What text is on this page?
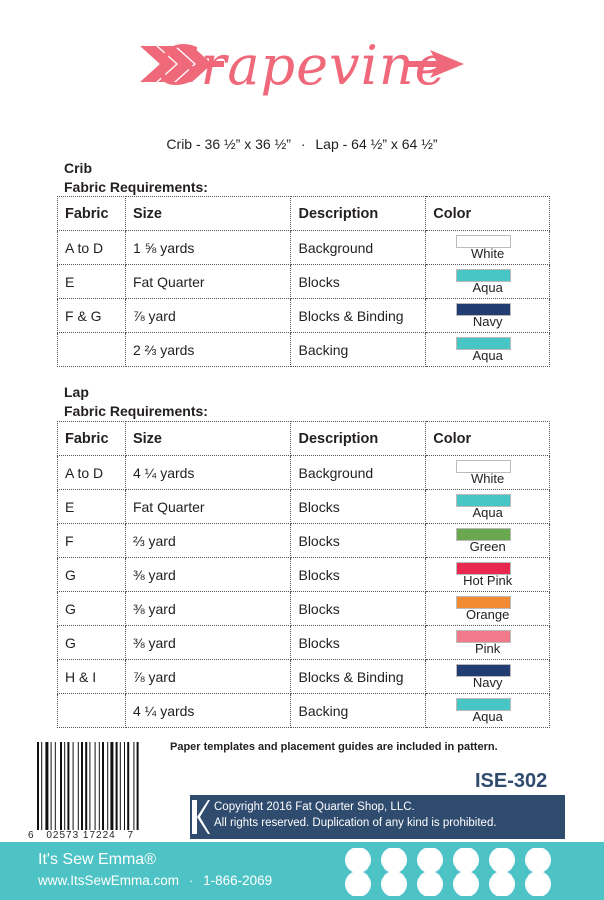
Grapevine
Crib - 36 ½” x 36 ½” · Lap - 64 ½” x 64 ½”
Crib
Fabric Requirements:
Fabric	Size	Description	Color
A to D	1 ⅝ yards	Background	White

E	Fat Quarter	Blocks	Aqua

F & G	⅞ yard	Blocks & Binding	Navy

	2 ⅔ yards	Backing	Aqua
Lap
Fabric Requirements:
Fabric	Size	Description	Color
A to D	4 ¼ yards	Background	White

E	Fat Quarter	Blocks	Aqua

F	⅔ yard	Blocks	Green

G	⅜ yard	Blocks	Hot Pink

G	⅜ yard	Blocks	Orange

G	⅜ yard	Blocks	Pink

H & I	⅞ yard	Blocks & Binding	Navy

	4 ¼ yards	Backing	Aqua
6 02573 17224 7
Paper templates and placement guides are included in pattern.
ISE-302
Copyright 2016 Fat Quarter Shop, LLC.
All rights reserved. Duplication of any kind is prohibited.
It's Sew Emma®
www.ItsSewEmma.com · 1-866-2069
